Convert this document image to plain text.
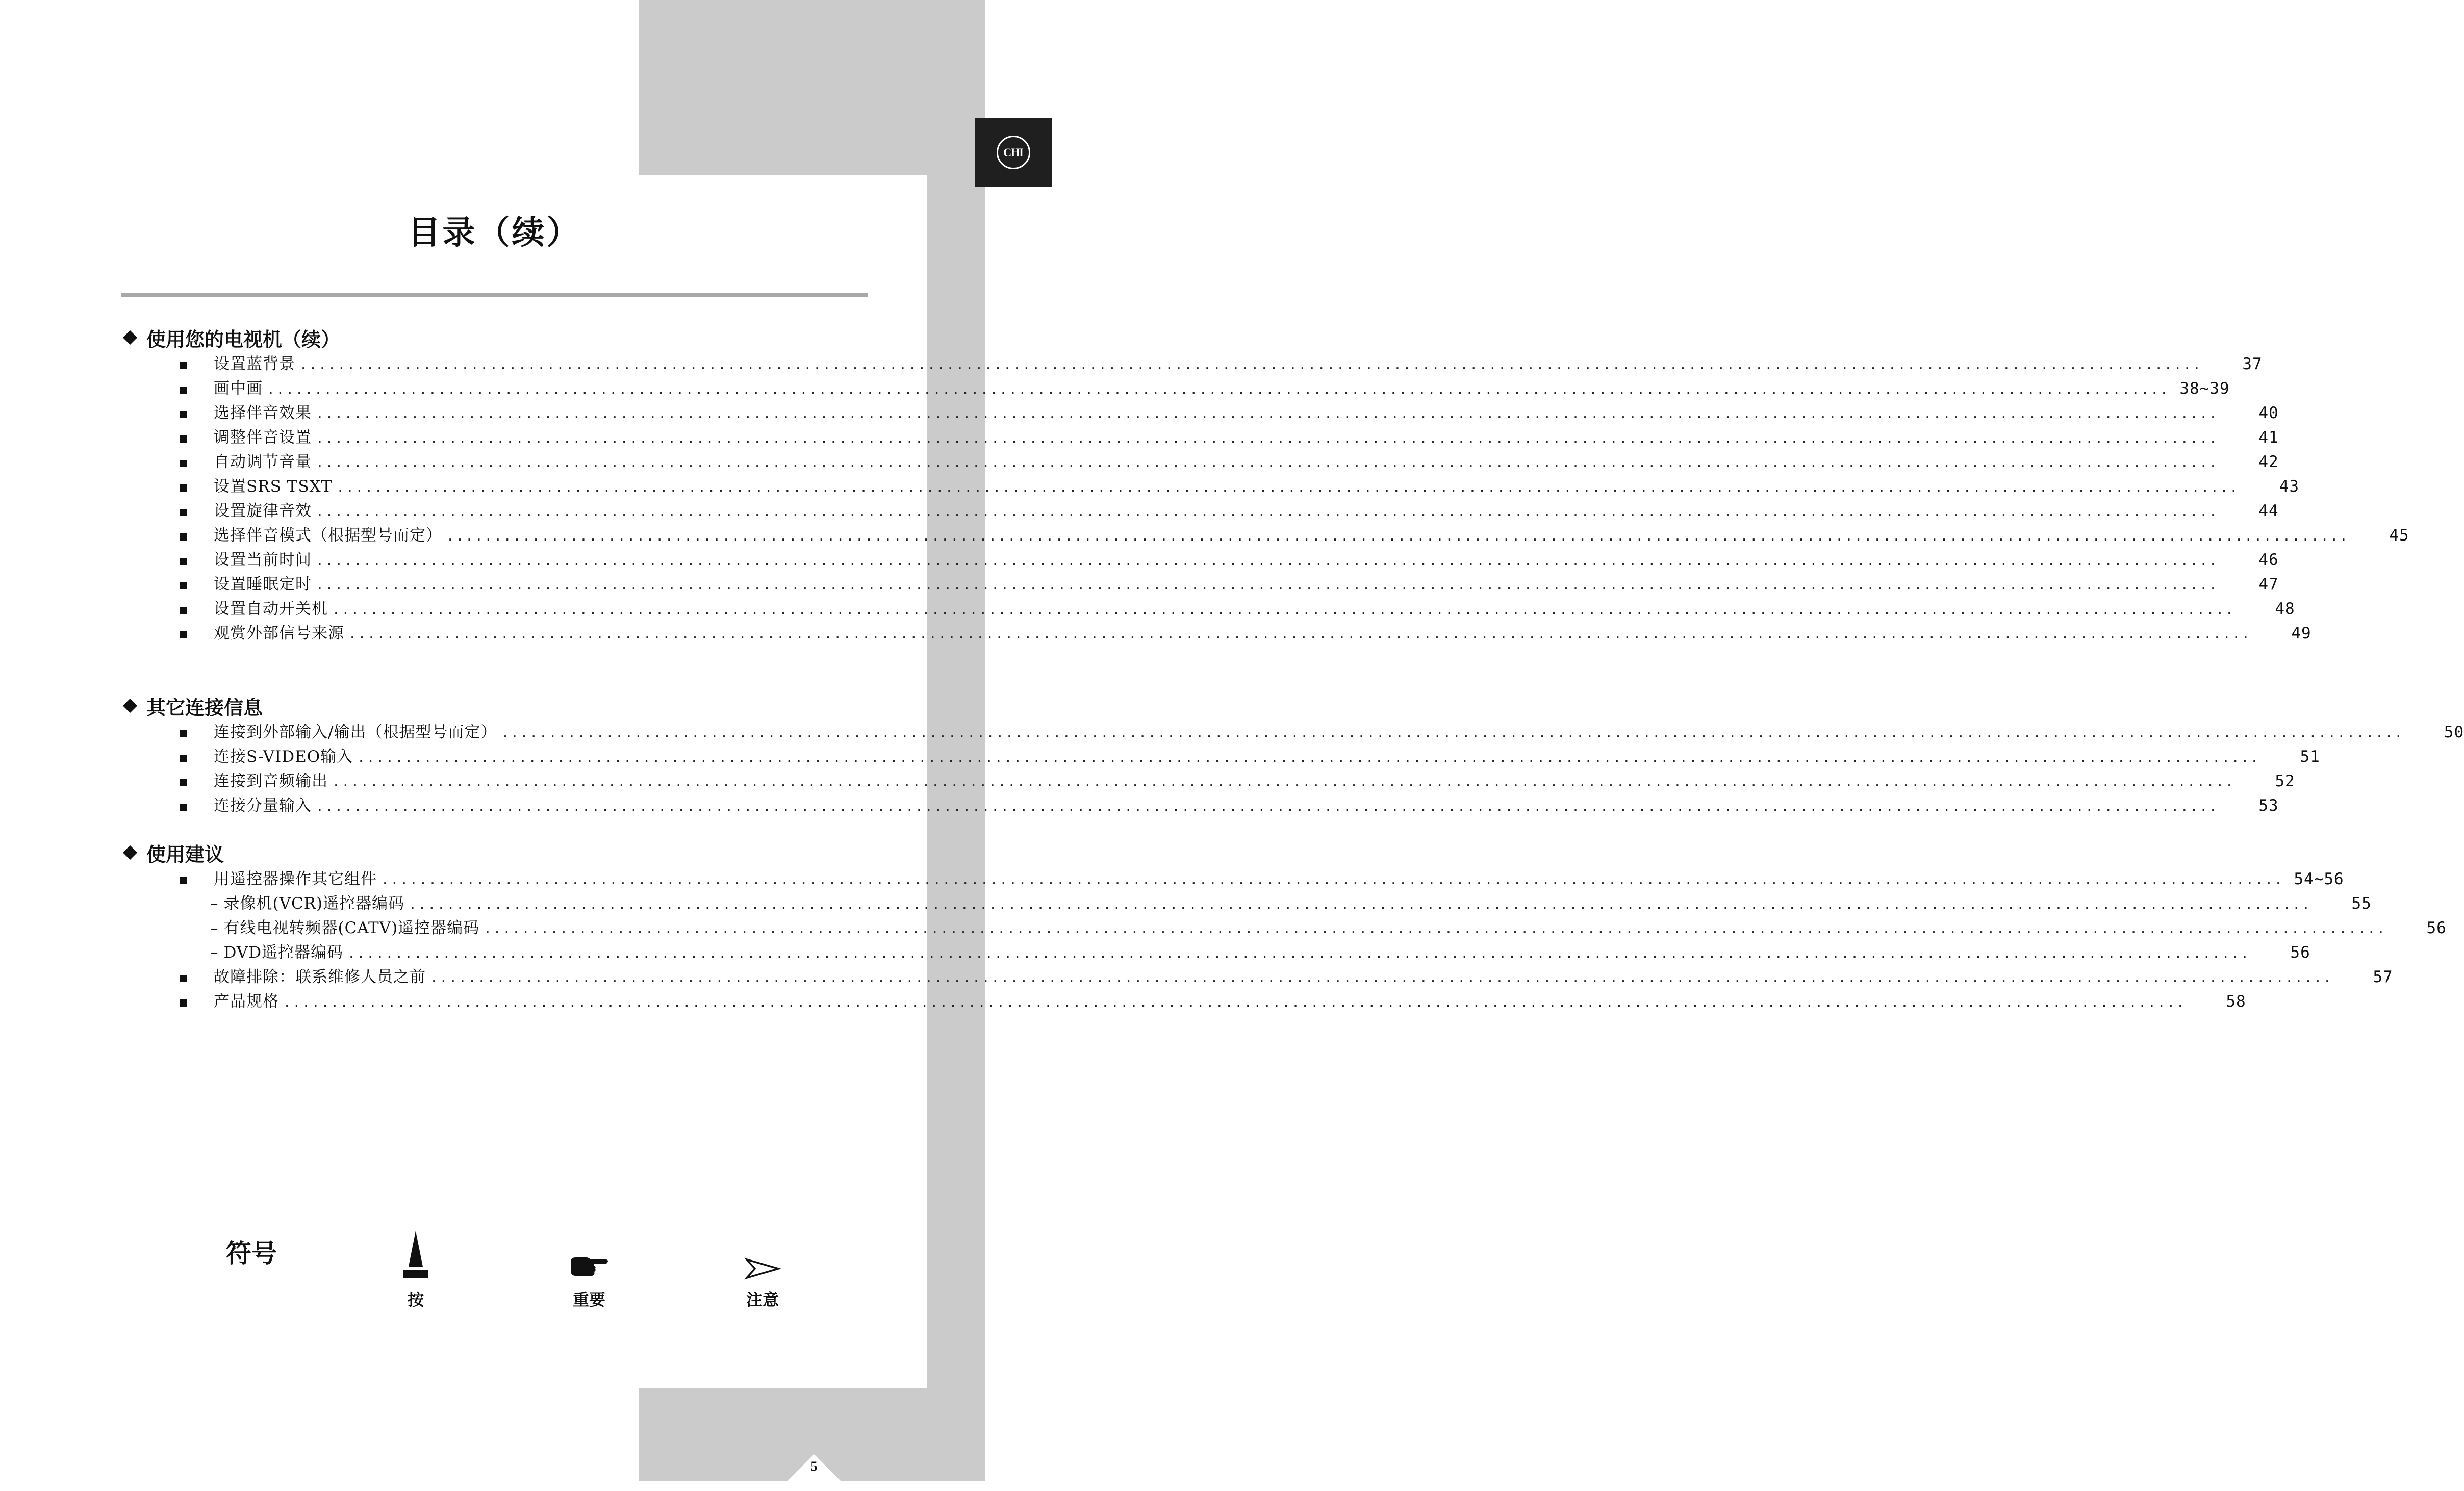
CHI
目录（续）
使用您的电视机（续）
设置蓝背景 ........................................................................................................................................................................................................	37
画中画 ........................................................................................................................................................................................................ 38~39
选择伴音效果 ........................................................................................................................................................................................................	40
调整伴音设置 ........................................................................................................................................................................................................	41
自动调节音量 ........................................................................................................................................................................................................	42
设置SRS TSXT ........................................................................................................................................................................................................	43
设置旋律音效 ........................................................................................................................................................................................................	44
选择伴音模式（根据型号而定） ........................................................................................................................................................................................................	45
设置当前时间 ........................................................................................................................................................................................................	46
设置睡眠定时 ........................................................................................................................................................................................................	47
设置自动开关机 ........................................................................................................................................................................................................	48
观赏外部信号来源 ........................................................................................................................................................................................................	49
其它连接信息
连接到外部输入/输出（根据型号而定） ........................................................................................................................................................................................................	50
连接S-VIDEO输入 ........................................................................................................................................................................................................	51
连接到音频输出 ........................................................................................................................................................................................................	52
连接分量输入 ........................................................................................................................................................................................................	53
使用建议
用遥控器操作其它组件 ........................................................................................................................................................................................................ 54~56
– 录像机(VCR)遥控器编码 ........................................................................................................................................................................................................	55
– 有线电视转频器(CATV)遥控器编码 ........................................................................................................................................................................................................	56
– DVD遥控器编码 ........................................................................................................................................................................................................	56
故障排除：联系维修人员之前 ........................................................................................................................................................................................................	57
产品规格 ........................................................................................................................................................................................................	58
符号
按	重要	注意
5
